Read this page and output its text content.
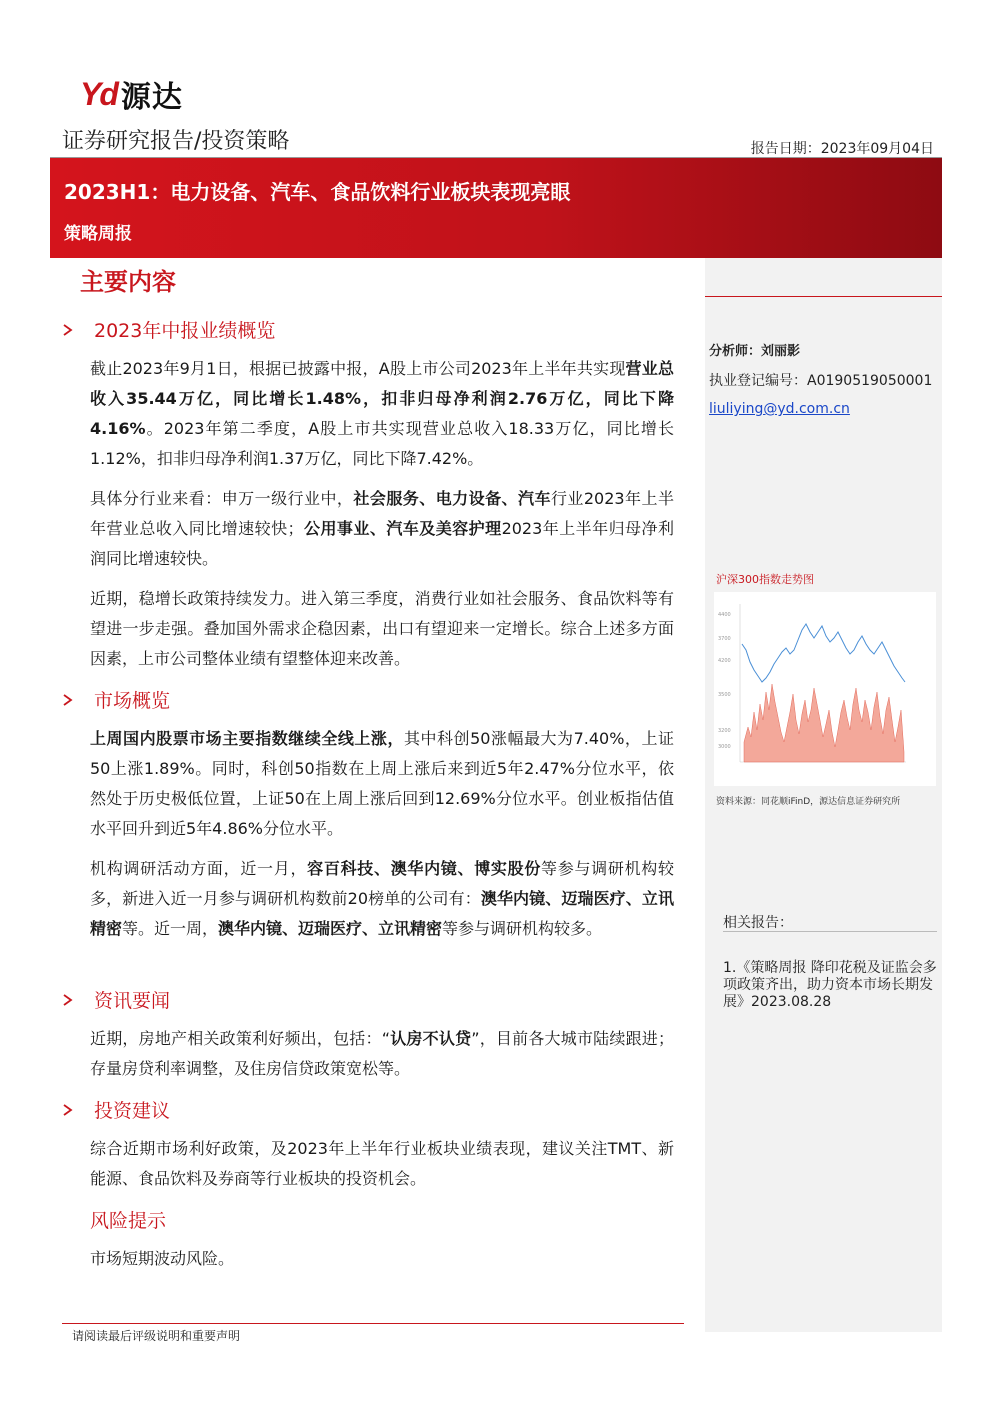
Yd 源达
证券研究报告/投资策略	报告日期：2023年09月04日
2023H1：电力设备、汽车、食品饮料行业板块表现亮眼
策略周报
分析师：刘丽影
执业登记编号：A0190519050001
liuliying@yd.com.cn
沪深300指数走势图
4400
3700
4200
3500
3200
3000
资料来源：同花顺iFinD，源达信息证券研究所
相关报告：
1.《策略周报 降印花税及证监会多项政策齐出，助力资本市场长期发展》2023.08.28
主要内容
2023年中报业绩概览
截止2023年9月1日，根据已披露中报，A股上市公司2023年上半年共实现营业总收入35.44万亿，同比增长1.48%，扣非归母净利润2.76万亿，同比下降4.16%。2023年第二季度，A股上市共实现营业总收入18.33万亿，同比增长1.12%，扣非归母净利润1.37万亿，同比下降7.42%。
具体分行业来看：申万一级行业中，社会服务、电力设备、汽车行业2023年上半年营业总收入同比增速较快；公用事业、汽车及美容护理2023年上半年归母净利润同比增速较快。
近期，稳增长政策持续发力。进入第三季度，消费行业如社会服务、食品饮料等有望进一步走强。叠加国外需求企稳因素，出口有望迎来一定增长。综合上述多方面因素，上市公司整体业绩有望整体迎来改善。
市场概览
上周国内股票市场主要指数继续全线上涨，其中科创50涨幅最大为7.40%，上证50上涨1.89%。同时，科创50指数在上周上涨后来到近5年2.47%分位水平，依然处于历史极低位置，上证50在上周上涨后回到12.69%分位水平。创业板指估值水平回升到近5年4.86%分位水平。
机构调研活动方面，近一月，容百科技、澳华内镜、博实股份等参与调研机构较多，新进入近一月参与调研机构数前20榜单的公司有：澳华内镜、迈瑞医疗、立讯精密等。近一周，澳华内镜、迈瑞医疗、立讯精密等参与调研机构较多。
资讯要闻
近期，房地产相关政策利好频出，包括：“认房不认贷”，目前各大城市陆续跟进；存量房贷利率调整，及住房信贷政策宽松等。
投资建议
综合近期市场利好政策，及2023年上半年行业板块业绩表现，建议关注TMT、新能源、食品饮料及券商等行业板块的投资机会。
风险提示
市场短期波动风险。
请阅读最后评级说明和重要声明
